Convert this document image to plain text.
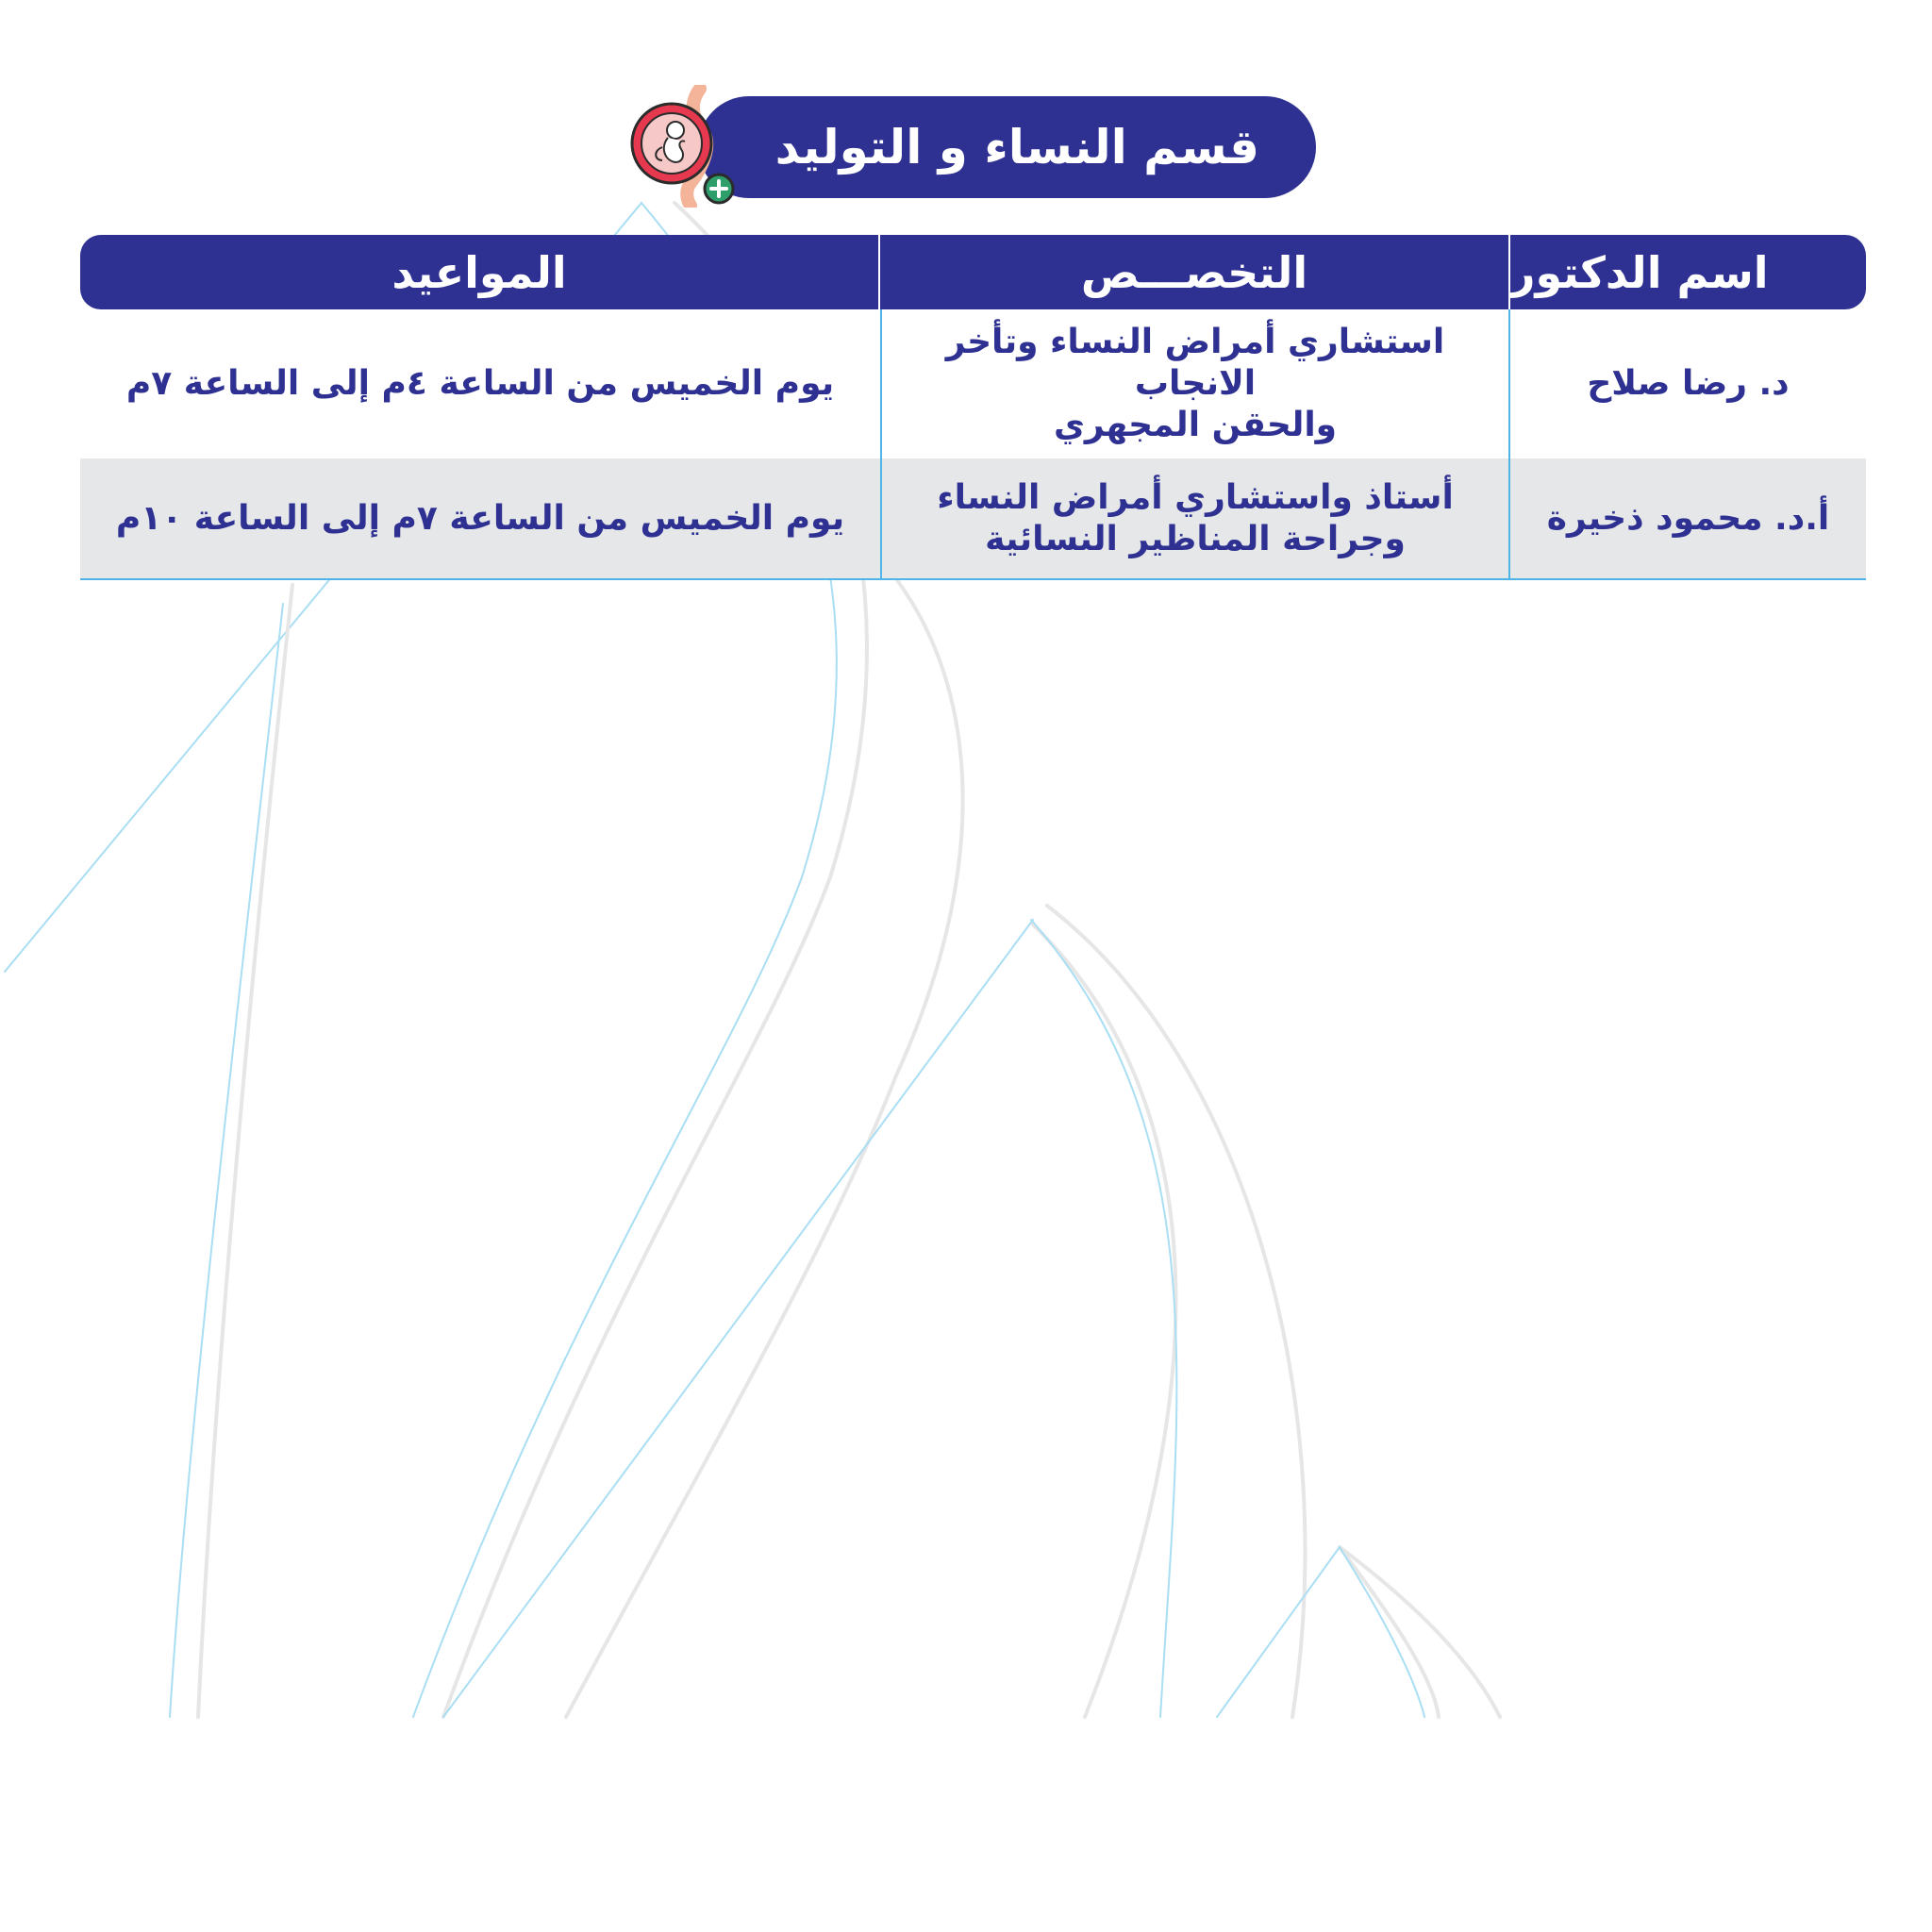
قسم النساء و التوليد
المواعيد	التخصـــص	اسم الدكتور
يوم الخميس من الساعة ٤م إلى الساعة ٧م
استشاري أمراض النساء وتأخر الانجاب
والحقن المجهري
د. رضا صلاح
يوم الخميس من الساعة ٧م إلى الساعة ١٠م
أستاذ واستشاري أمراض النساء
وجراحة المناظير النسائية
أ.د. محمود ذخيرة
